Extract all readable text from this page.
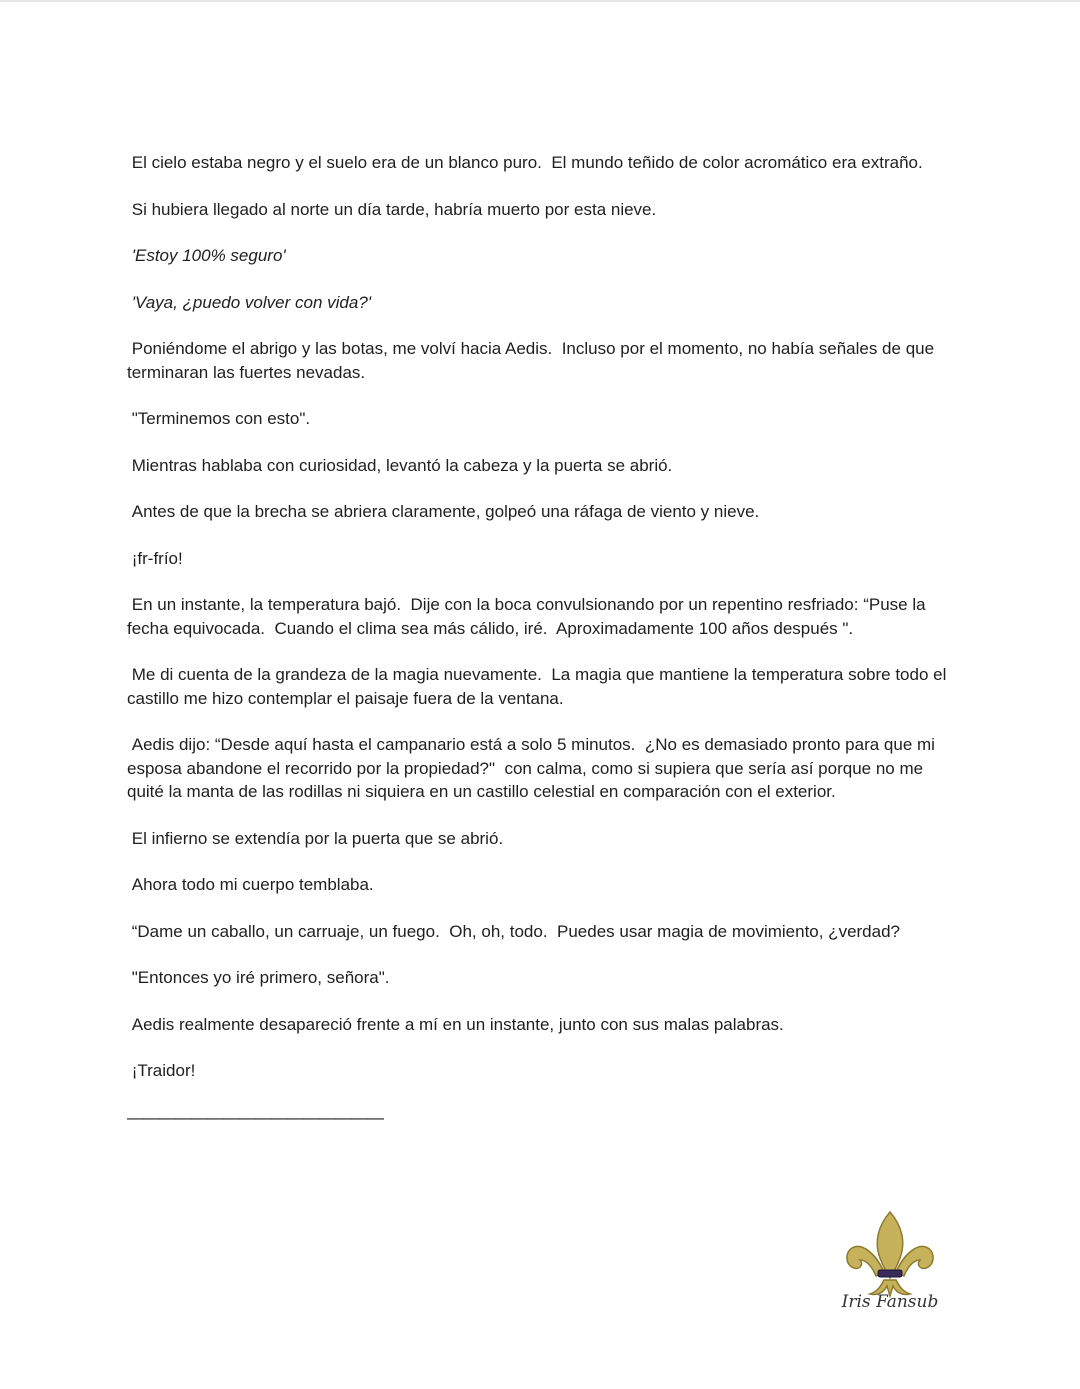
El cielo estaba negro y el suelo era de un blanco puro.  El mundo teñido de color acromático era extraño.

Si hubiera llegado al norte un día tarde, habría muerto por esta nieve.

'Estoy 100% seguro'

'Vaya, ¿puedo volver con vida?'

Poniéndome el abrigo y las botas, me volví hacia Aedis.  Incluso por el momento, no había señales de que terminaran las fuertes nevadas.

"Terminemos con esto".

Mientras hablaba con curiosidad, levantó la cabeza y la puerta se abrió.

Antes de que la brecha se abriera claramente, golpeó una ráfaga de viento y nieve.

¡fr-frío!

En un instante, la temperatura bajó.  Dije con la boca convulsionando por un repentino resfriado: “Puse la fecha equivocada.  Cuando el clima sea más cálido, iré.  Aproximadamente 100 años después ".

Me di cuenta de la grandeza de la magia nuevamente.  La magia que mantiene la temperatura sobre todo el castillo me hizo contemplar el paisaje fuera de la ventana.

Aedis dijo: “Desde aquí hasta el campanario está a solo 5 minutos.  ¿No es demasiado pronto para que mi esposa abandone el recorrido por la propiedad?"  con calma, como si supiera que sería así porque no me quité la manta de las rodillas ni siquiera en un castillo celestial en comparación con el exterior.

El infierno se extendía por la puerta que se abrió.

Ahora todo mi cuerpo temblaba.

“Dame un caballo, un carruaje, un fuego.  Oh, oh, todo.  Puedes usar magia de movimiento, ¿verdad?

"Entonces yo iré primero, señora".

Aedis realmente desapareció frente a mí en un instante, junto con sus malas palabras.

¡Traidor!

————————————————

Iris Fansub
